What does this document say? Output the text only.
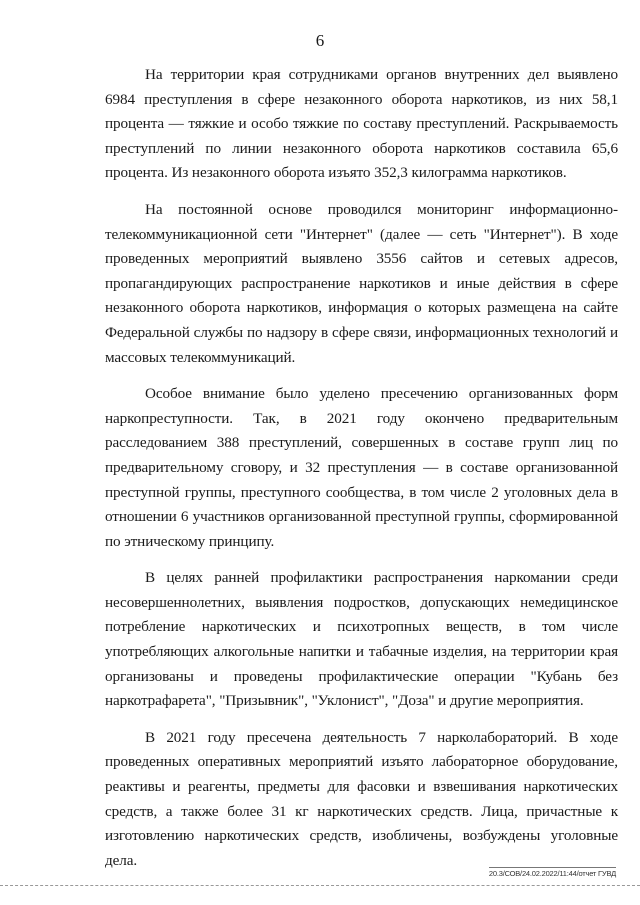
6

На территории края сотрудниками органов внутренних дел выявлено 6984 преступления в сфере незаконного оборота наркотиков, из них 58,1 процента — тяжкие и особо тяжкие по составу преступлений. Раскрываемость преступлений по линии незаконного оборота наркотиков составила 65,6 процента. Из незаконного оборота изъято 352,3 килограмма наркотиков.

На постоянной основе проводился мониторинг информационно-телекоммуникационной сети "Интернет" (далее — сеть "Интернет"). В ходе проведенных мероприятий выявлено 3556 сайтов и сетевых адресов, пропагандирующих распространение наркотиков и иные действия в сфере незаконного оборота наркотиков, информация о которых размещена на сайте Федеральной службы по надзору в сфере связи, информационных технологий и массовых телекоммуникаций.

Особое внимание было уделено пресечению организованных форм наркопреступности. Так, в 2021 году окончено предварительным расследованием 388 преступлений, совершенных в составе групп лиц по предварительному сговору, и 32 преступления — в составе организованной преступной группы, преступного сообщества, в том числе 2 уголовных дела в отношении 6 участников организованной преступной группы, сформированной по этническому принципу.

В целях ранней профилактики распространения наркомании среди несовершеннолетних, выявления подростков, допускающих немедицинское потребление наркотических и психотропных веществ, в том числе употребляющих алкогольные напитки и табачные изделия, на территории края организованы и проведены профилактические операции "Кубань без наркотрафарета", "Призывник", "Уклонист", "Доза" и другие мероприятия.

В 2021 году пресечена деятельность 7 нарколабораторий. В ходе проведенных оперативных мероприятий изъято лабораторное оборудование, реактивы и реагенты, предметы для фасовки и взвешивания наркотических средств, а также более 31 кг наркотических средств. Лица, причастные к изготовлению наркотических средств, изобличены, возбуждены уголовные дела.

20.3/СОВ/24.02.2022/11:44/отчет ГУВД
